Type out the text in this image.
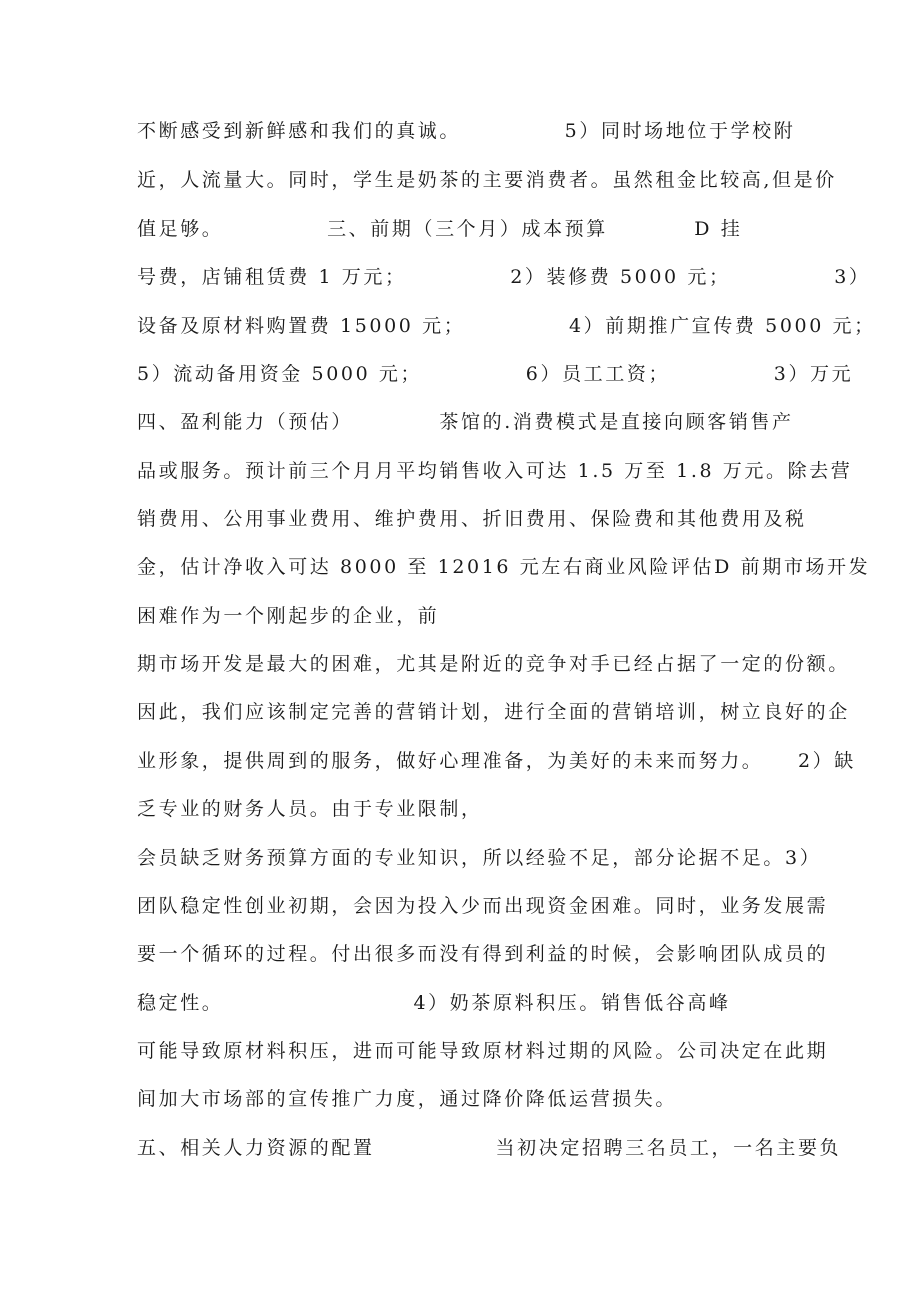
不断感受到新鲜感和我们的真诚。            5）同时场地位于学校附
近，人流量大。同时，学生是奶茶的主要消费者。虽然租金比较高,但是价
值足够。            三、前期（三个月）成本预算          D 挂
号费，店铺租赁费 1 万元；            2）装修费 5000 元；            3）
设备及原材料购置费 15000 元；            4）前期推广宣传费 5000 元；
5）流动备用资金 5000 元；            6）员工工资；            3）万元
四、盈利能力（预估）          茶馆的.消费模式是直接向顾客销售产
品或服务。预计前三个月月平均销售收入可达 1.5 万至 1.8 万元。除去营
销费用、公用事业费用、维护费用、折旧费用、保险费和其他费用及税
金，估计净收入可达 8000 至 12016 元左右商业风险评估D 前期市场开发
困难作为一个刚起步的企业，前
期市场开发是最大的困难，尤其是附近的竞争对手已经占据了一定的份额。
因此，我们应该制定完善的营销计划，进行全面的营销培训，树立良好的企
业形象，提供周到的服务，做好心理准备，为美好的未来而努力。    2）缺
乏专业的财务人员。由于专业限制，
会员缺乏财务预算方面的专业知识，所以经验不足，部分论据不足。3）
团队稳定性创业初期，会因为投入少而出现资金困难。同时，业务发展需
要一个循环的过程。付出很多而没有得到利益的时候，会影响团队成员的
稳定性。                      4）奶茶原料积压。销售低谷高峰
可能导致原材料积压，进而可能导致原材料过期的风险。公司决定在此期
间加大市场部的宣传推广力度，通过降价降低运营损失。
五、相关人力资源的配置              当初决定招聘三名员工，一名主要负
